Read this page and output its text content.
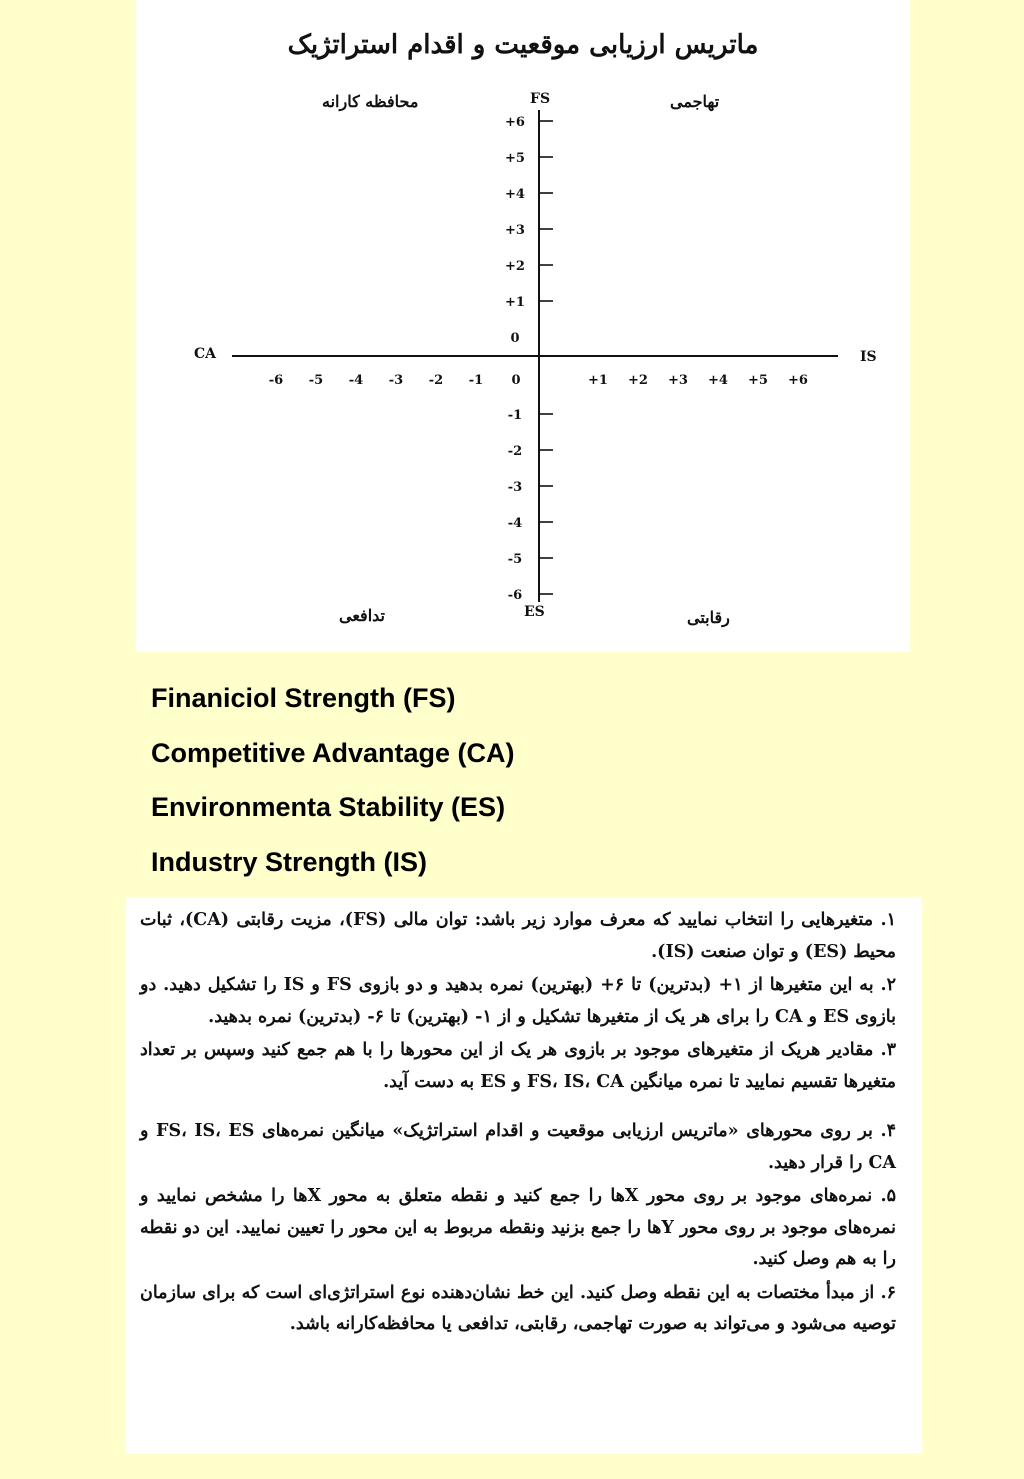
ماتریس ارزیابی موقعیت و اقدام استراتژیک
محافظه کارانه	تهاجمی
تدافعی	رقابتی
FS
ES
CA	IS
+6
+5
+4
+3
+2
+1
0
-1
-2
-3
-4
-5
-6
-6 -5 -4 -3 -2 -1 0	+1 +2 +3 +4 +5 +6
Finaniciol Strength (FS)
Competitive Advantage (CA)
Environmenta Stability (ES)
Industry Strength (IS)
۱. متغیرهایی را انتخاب نمایید که معرف موارد زیر باشد: توان مالی (FS)، مزیت رقابتی (CA)، ثبات محیط (ES) و توان صنعت (IS).
۲. به این متغیرها از ۱+ (بدترین) تا ۶+ (بهترین) نمره بدهید و دو بازوی FS و IS را تشکیل دهید. دو بازوی ES و CA را برای هر یک از متغیرها تشکیل و از ۱- (بهترین) تا ۶- (بدترین) نمره بدهید.
۳. مقادیر هریک از متغیرهای موجود بر بازوی هر یک از این محورها را با هم جمع کنید وسپس بر تعداد متغیرها تقسیم نمایید تا نمره میانگین FS، IS، CA و ES به دست آید.
۴. بر روی محورهای «ماتریس ارزیابی موقعیت و اقدام استراتژیک» میانگین نمره‌های FS، IS، ES و CA را قرار دهید.
۵. نمره‌های موجود بر روی محور Xها را جمع کنید و نقطه متعلق به محور Xها را مشخص نمایید و نمره‌های موجود بر روی محور Yها را جمع بزنید ونقطه مربوط به این محور را تعیین نمایید. این دو نقطه را به هم وصل کنید.
۶. از مبدأ مختصات به این نقطه وصل کنید. این خط نشان‌دهنده نوع استراتژی‌ای است که برای سازمان توصیه می‌شود و می‌تواند به صورت تهاجمی، رقابتی، تدافعی یا محافظه‌کارانه باشد.
